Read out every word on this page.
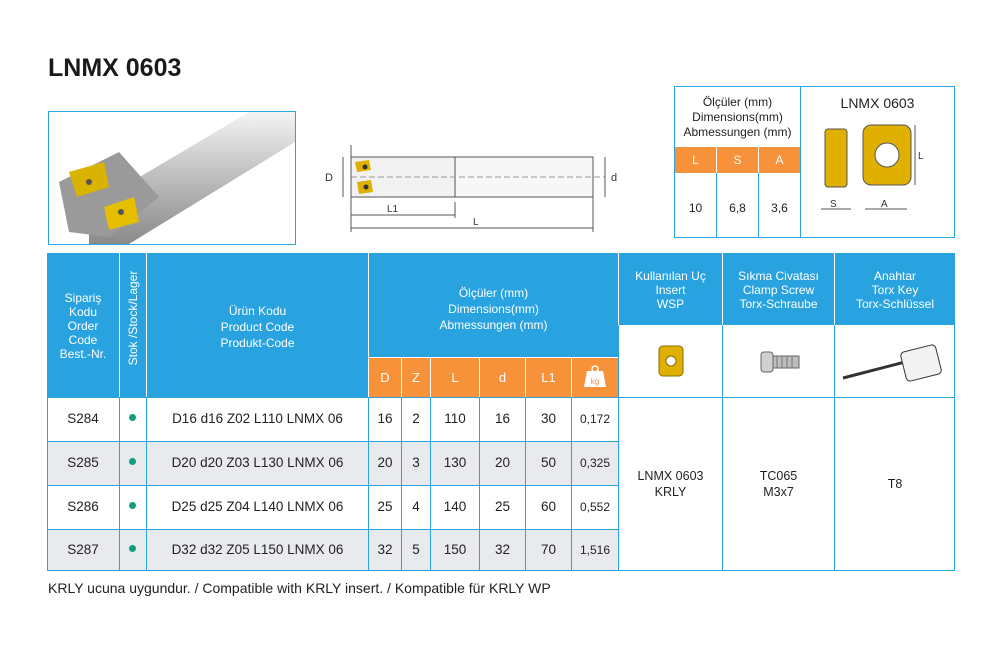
LNMX 0603
D	d
L1
L
Ölçüler (mm)
Dimensions(mm)
Abmessungen (mm)
LNMX 0603
L	S	A
10	6,8	3,6
L
S	A
Sipariş
Kodu
Order
Code
Best.-Nr.	Stok /Stock/Lager	Ürün Kodu
Product Code
Produkt-Code
Ölçüler (mm)
Dimensions(mm)
Abmessungen (mm)
Kullanılan Uç
Insert
WSP
Sıkma Civatası
Clamp Screw
Torx-Schraube
Anahtar
Torx Key
Torx-Schlüssel
D	Z	L	d	L1	kg
S284	D16 d16 Z02 L110 LNMX 06	16	2	110	16	30	0,172
S285	D20 d20 Z03 L130 LNMX 06	20	3	130	20	50	0,325
S286	D25 d25 Z04 L140 LNMX 06	25	4	140	25	60	0,552
S287	D32 d32 Z05 L150 LNMX 06	32	5	150	32	70	1,516
LNMX 0603
KRLY
TC065
M3x7
T8
KRLY ucuna uygundur. / Compatible with KRLY insert. / Kompatible für KRLY WP
